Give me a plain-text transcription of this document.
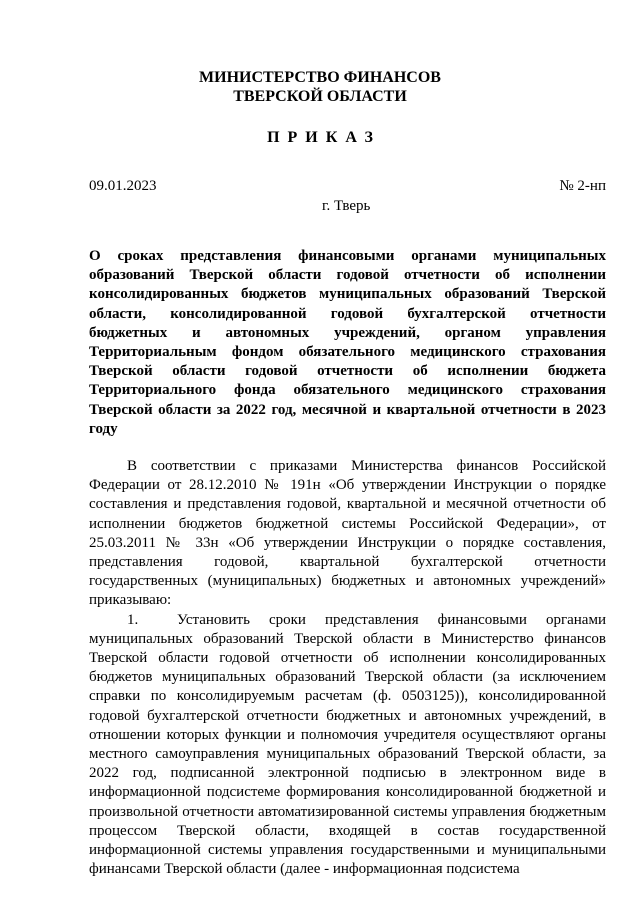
МИНИСТЕРСТВО ФИНАНСОВ
ТВЕРСКОЙ ОБЛАСТИ
ПРИКАЗ
09.01.2023	№ 2-нп
г. Тверь
О сроках представления финансовыми органами муниципальных образований Тверской области годовой отчетности об исполнении консолидированных бюджетов муниципальных образований Тверской области, консолидированной годовой бухгалтерской отчетности бюджетных и автономных учреждений, органом управления Территориальным фондом обязательного медицинского страхования Тверской области годовой отчетности об исполнении бюджета Территориального фонда обязательного медицинского страхования Тверской области за 2022 год, месячной и квартальной отчетности в 2023 году

В соответствии с приказами Министерства финансов Российской Федерации от 28.12.2010 № 191н «Об утверждении Инструкции о порядке составления и представления годовой, квартальной и месячной отчетности об исполнении бюджетов бюджетной системы Российской Федерации», от 25.03.2011 № 33н «Об утверждении Инструкции о порядке составления, представления годовой, квартальной бухгалтерской отчетности государственных (муниципальных) бюджетных и автономных учреждений» приказываю:

1.	Установить сроки представления финансовыми органами муниципальных образований Тверской области в Министерство финансов Тверской области годовой отчетности об исполнении консолидированных бюджетов муниципальных образований Тверской области (за исключением справки по консолидируемым расчетам (ф. 0503125)), консолидированной годовой бухгалтерской отчетности бюджетных и автономных учреждений, в отношении которых функции и полномочия учредителя осуществляют органы местного самоуправления муниципальных образований Тверской области, за 2022 год, подписанной электронной подписью в электронном виде в информационной подсистеме формирования консолидированной бюджетной и произвольной отчетности автоматизированной системы управления бюджетным процессом Тверской области, входящей в состав государственной информационной системы управления государственными и муниципальными финансами Тверской области (далее - информационная подсистема
